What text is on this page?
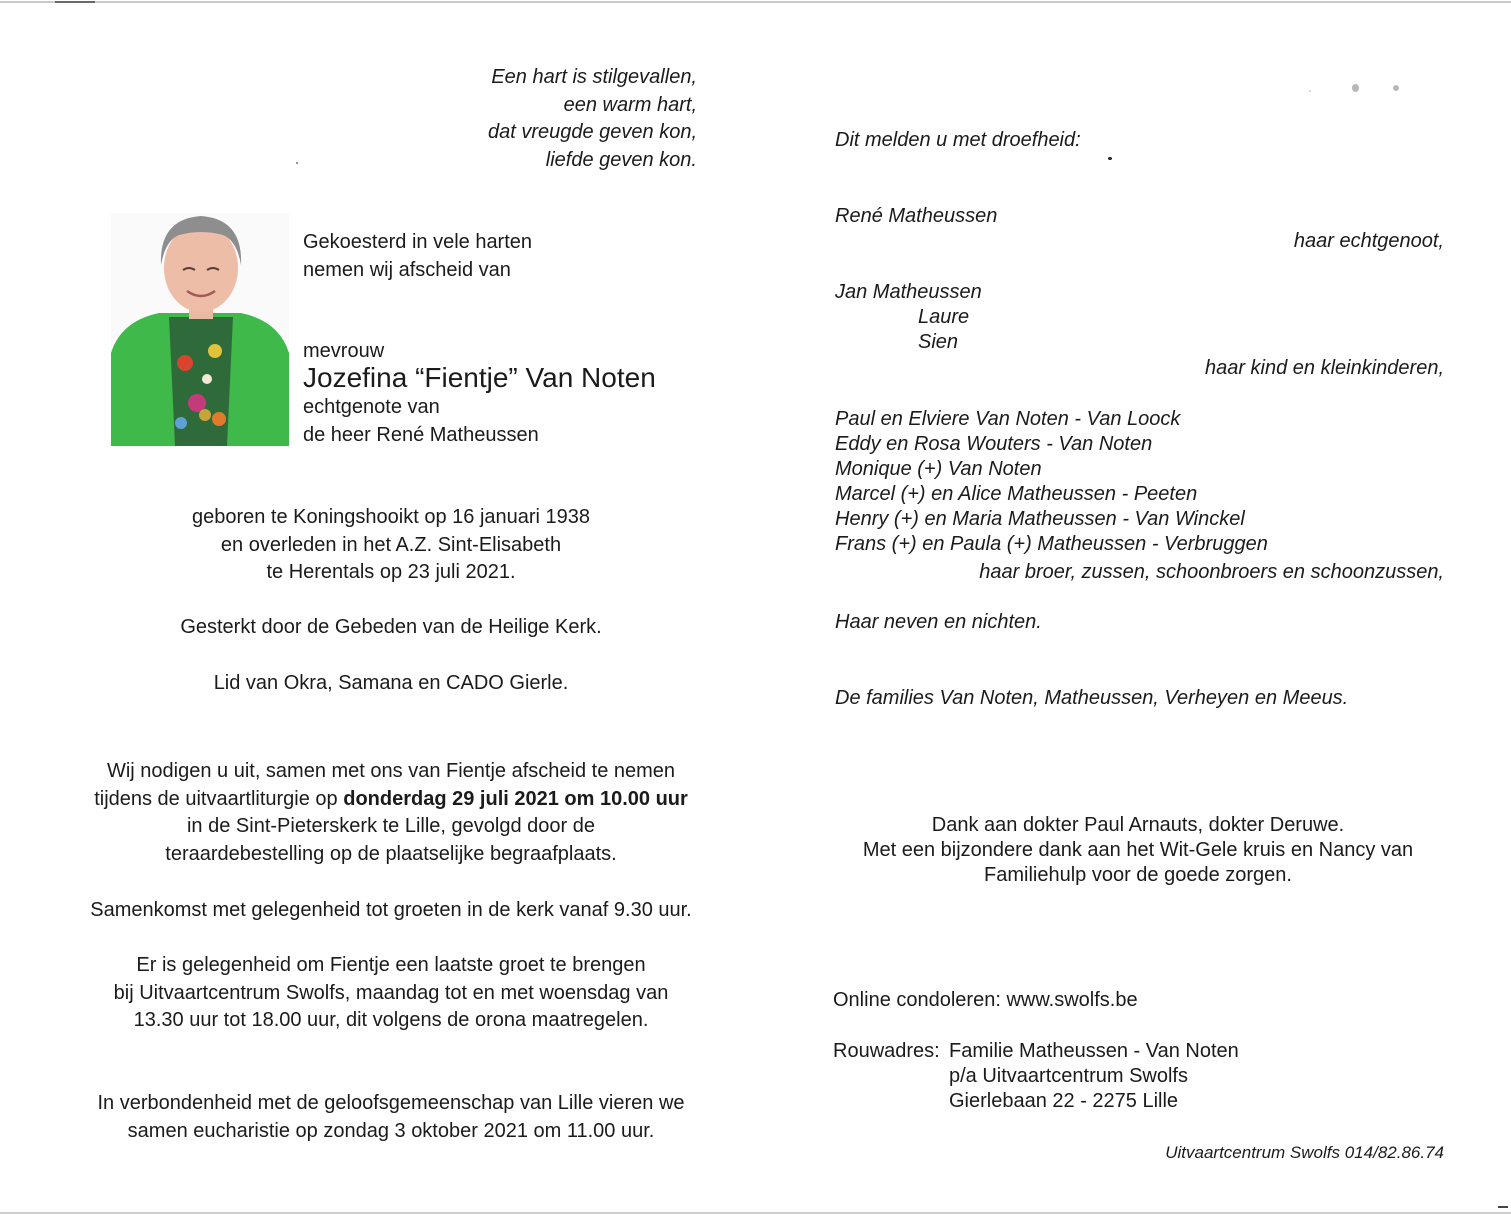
Een hart is stilgevallen,
een warm hart,
dat vreugde geven kon,
liefde geven kon.
Gekoesterd in vele harten
nemen wij afscheid van
mevrouw
Jozefina “Fientje” Van Noten
echtgenote van
de heer René Matheussen
geboren te Koningshooikt op 16 januari 1938
en overleden in het A.Z. Sint-Elisabeth
te Herentals op 23 juli 2021.
Gesterkt door de Gebeden van de Heilige Kerk.
Lid van Okra, Samana en CADO Gierle.
Wij nodigen u uit, samen met ons van Fientje afscheid te nemen
tijdens de uitvaartliturgie op donderdag 29 juli 2021 om 10.00 uur
in de Sint-Pieterskerk te Lille, gevolgd door de
teraardebestelling op de plaatselijke begraafplaats.
Samenkomst met gelegenheid tot groeten in de kerk vanaf 9.30 uur.
Er is gelegenheid om Fientje een laatste groet te brengen
bij Uitvaartcentrum Swolfs, maandag tot en met woensdag van
13.30 uur tot 18.00 uur, dit volgens de orona maatregelen.
In verbondenheid met de geloofsgemeenschap van Lille vieren we
samen eucharistie op zondag 3 oktober 2021 om 11.00 uur.
Dit melden u met droefheid:
René Matheussen
haar echtgenoot,
Jan Matheussen
Laure
Sien
haar kind en kleinkinderen,
Paul en Elviere Van Noten - Van Loock
Eddy en Rosa Wouters - Van Noten
Monique (+) Van Noten
Marcel (+) en Alice Matheussen - Peeten
Henry (+) en Maria Matheussen - Van Winckel
Frans (+) en Paula (+) Matheussen - Verbruggen
haar broer, zussen, schoonbroers en schoonzussen,
Haar neven en nichten.
De families Van Noten, Matheussen, Verheyen en Meeus.
Dank aan dokter Paul Arnauts, dokter Deruwe.
Met een bijzondere dank aan het Wit-Gele kruis en Nancy van
Familiehulp voor de goede zorgen.
Online condoleren: www.swolfs.be
Rouwadres: Familie Matheussen - Van Noten
p/a Uitvaartcentrum Swolfs
Gierlebaan 22 - 2275 Lille
Uitvaartcentrum Swolfs 014/82.86.74
